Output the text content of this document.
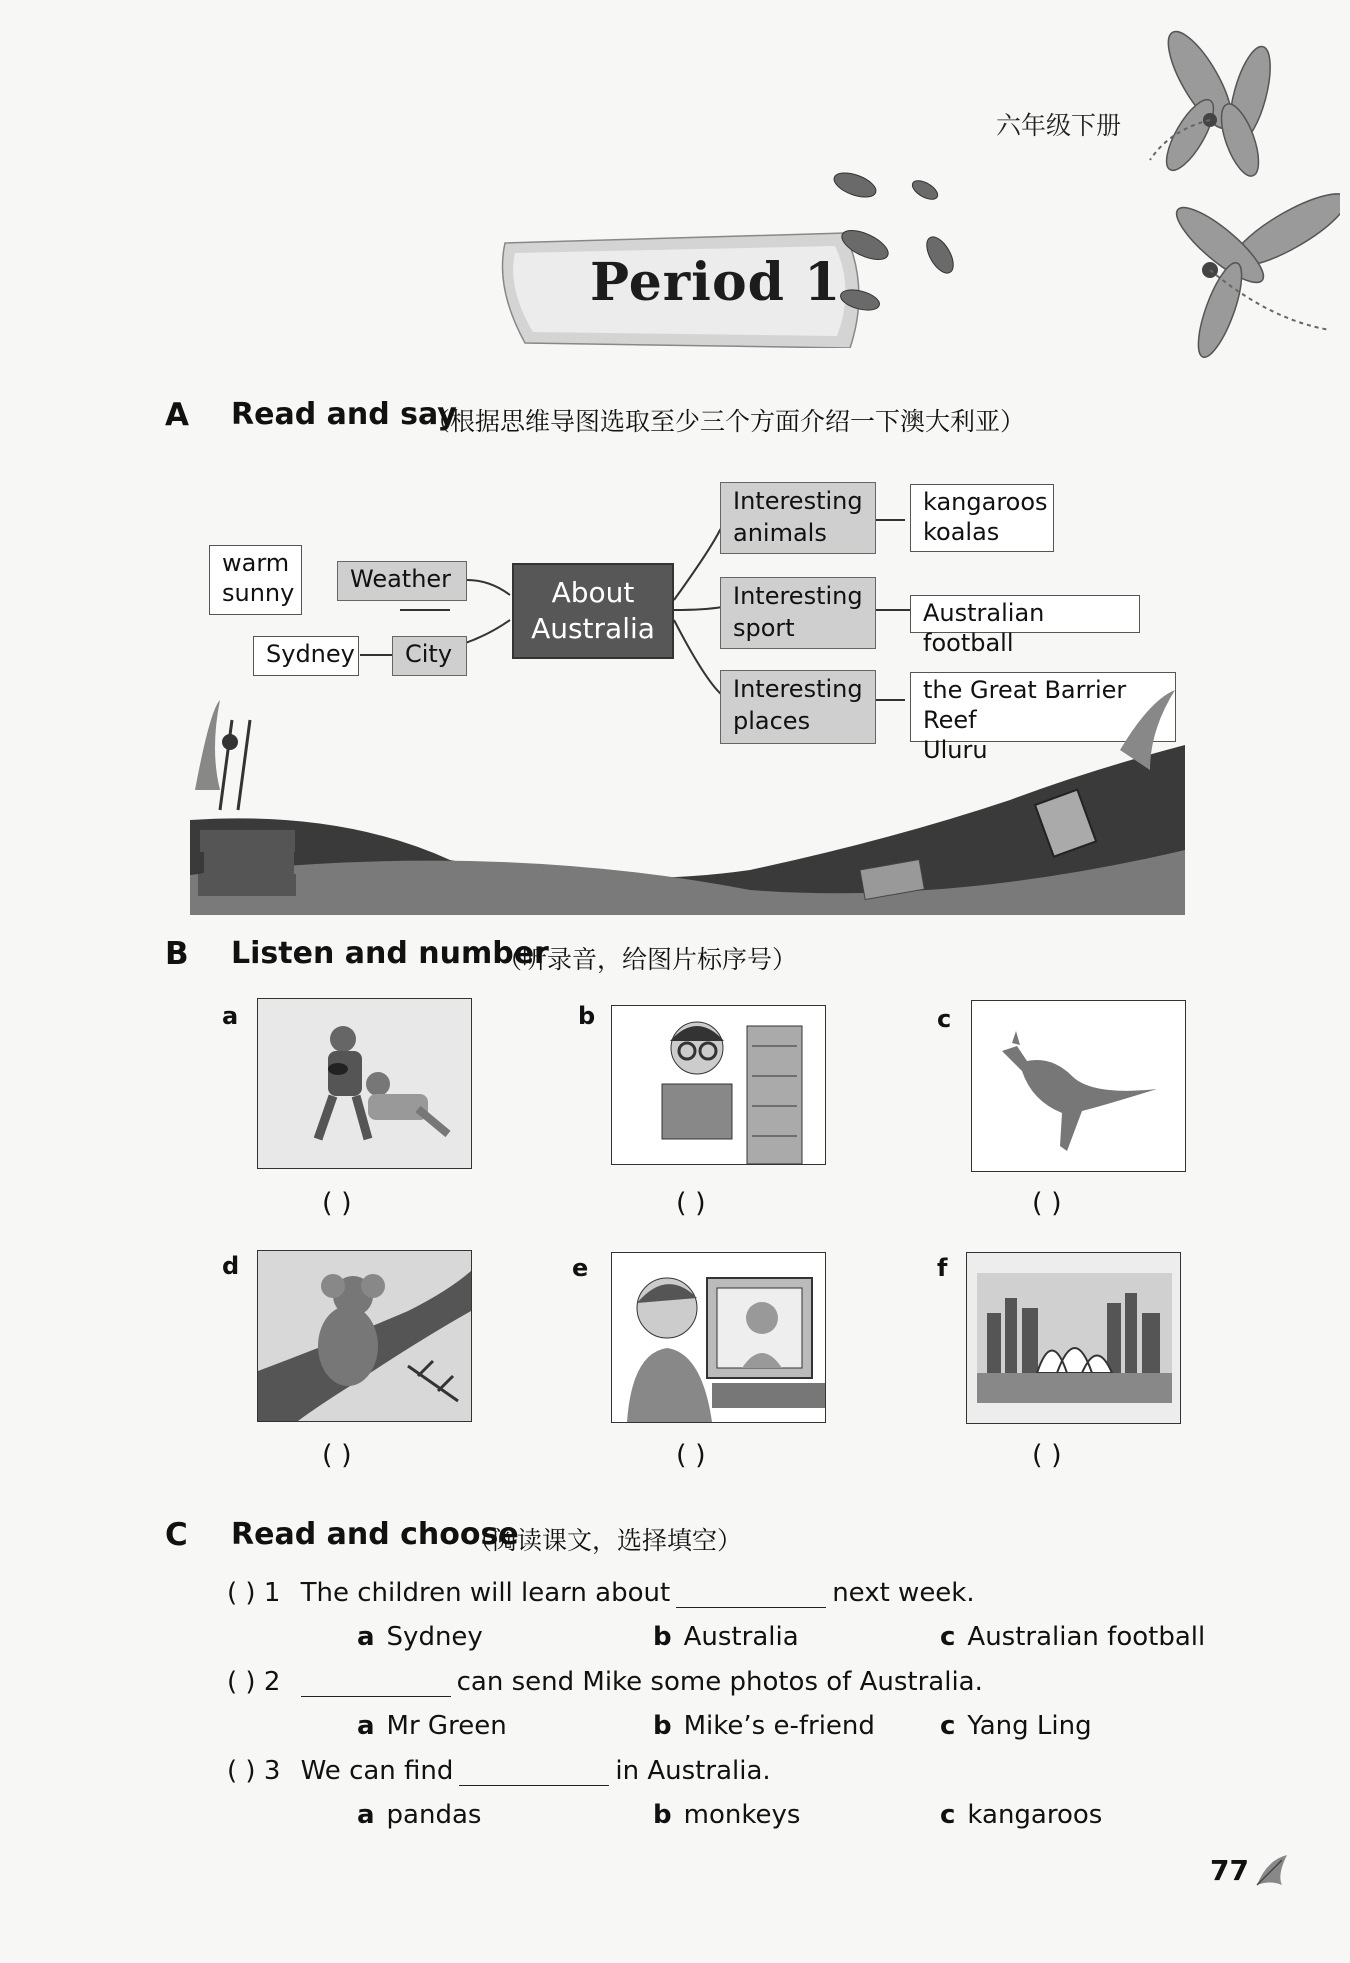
六年级下册
Period 1
A Read and say
（根据思维导图选取至少三个方面介绍一下澳大利亚）
warm
sunny	Weather
Sydney	City
About
Australia
Interesting
animals
kangaroos
koalas
Interesting
sport
Australian football
Interesting
places
the Great Barrier Reef
Uluru
B Listen and number
（听录音，给图片标序号）
a
( )
b
( )
c
( )
d
( )
e
( )
f
( )
C Read and choose
（阅读课文，选择填空）
( ) 1 The children will learn about	next week.
a Sydney	b Australia	c Australian football
( ) 2	can send Mike some photos of Australia.
a Mr Green	b Mike’s e-friend	c Yang Ling
( ) 3 We can find	in Australia.
a pandas	b monkeys	c kangaroos
77
